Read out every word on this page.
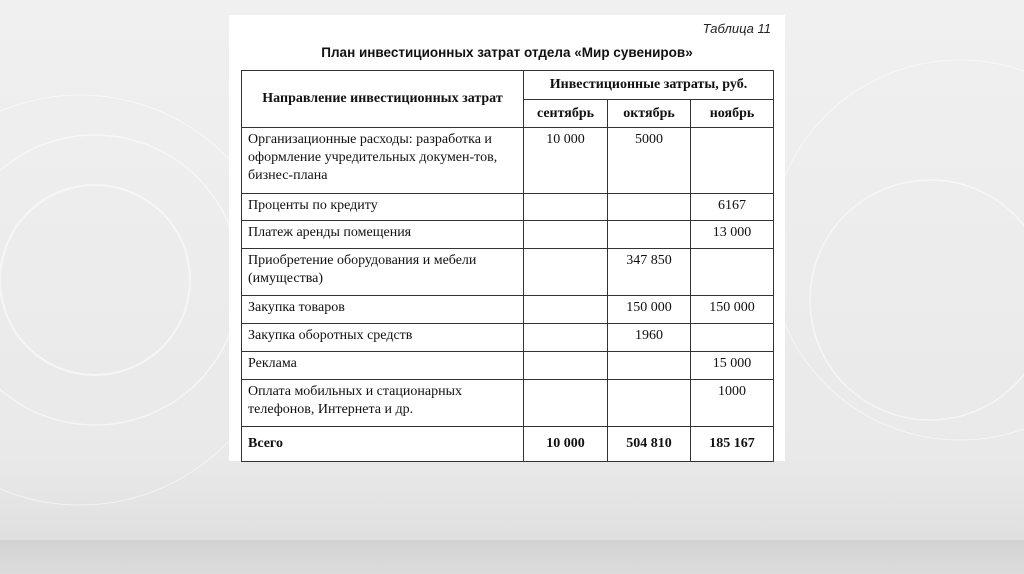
Таблица 11
План инвестиционных затрат отдела «Мир сувениров»
Направление инвестиционных затрат	Инвестиционные затраты, руб.		
	сентябрь	октябрь	ноябрь
Организационные расходы: разработка и оформление учредительных докумен-тов, бизнес-плана	10 000	5000	
Проценты по кредиту			6167
Платеж аренды помещения			13 000
Приобретение оборудования и мебели (имущества)		347 850	
Закупка товаров		150 000	150 000
Закупка оборотных средств		1960	
Реклама			15 000
Оплата мобильных и стационарных телефонов, Интернета и др.			1000
Всего	10 000	504 810	185 167
